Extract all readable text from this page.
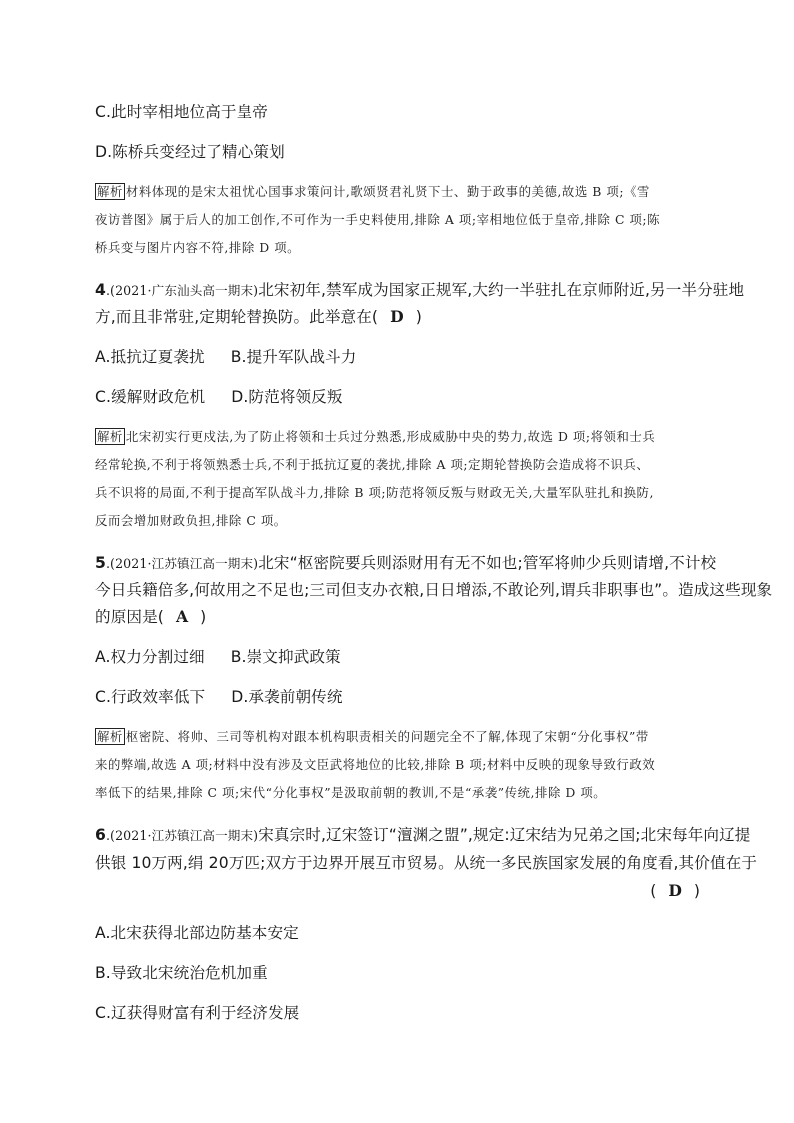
C.此时宰相地位高于皇帝
D.陈桥兵变经过了精心策划
解析 材料体现的是宋太祖忧心国事求策问计,歌颂贤君礼贤下士、勤于政事的美德,故选 B 项;《雪
夜访普图》属于后人的加工创作,不可作为一手史料使用,排除 A 项;宰相地位低于皇帝,排除 C 项;陈
桥兵变与图片内容不符,排除 D 项。
4.(2021·广东汕头高一期末)北宋初年,禁军成为国家正规军,大约一半驻扎在京师附近,另一半分驻地
方,而且非常驻,定期轮替换防。此举意在( D )
A.抵抗辽夏袭扰 B.提升军队战斗力
C.缓解财政危机 D.防范将领反叛
解析 北宋初实行更戍法,为了防止将领和士兵过分熟悉,形成威胁中央的势力,故选 D 项;将领和士兵
经常轮换,不利于将领熟悉士兵,不利于抵抗辽夏的袭扰,排除 A 项;定期轮替换防会造成将不识兵、
兵不识将的局面,不利于提高军队战斗力,排除 B 项;防范将领反叛与财政无关,大量军队驻扎和换防,
反而会增加财政负担,排除 C 项。
5.(2021·江苏镇江高一期末)北宋“枢密院要兵则添财用有无不如也;管军将帅少兵则请增,不计校
今日兵籍倍多,何故用之不足也;三司但支办衣粮,日日增添,不敢论列,谓兵非职事也”。造成这些现象
的原因是( A )
A.权力分割过细 B.崇文抑武政策
C.行政效率低下 D.承袭前朝传统
解析 枢密院、将帅、三司等机构对跟本机构职责相关的问题完全不了解,体现了宋朝“分化事权”带
来的弊端,故选 A 项;材料中没有涉及文臣武将地位的比较,排除 B 项;材料中反映的现象导致行政效
率低下的结果,排除 C 项;宋代“分化事权”是汲取前朝的教训,不是“承袭”传统,排除 D 项。
6.(2021·江苏镇江高一期末)宋真宗时,辽宋签订“澶渊之盟”,规定:辽宋结为兄弟之国;北宋每年向辽提
供银 10万两,绢 20万匹;双方于边界开展互市贸易。从统一多民族国家发展的角度看,其价值在于
( D )
A.北宋获得北部边防基本安定
B.导致北宋统治危机加重
C.辽获得财富有利于经济发展
